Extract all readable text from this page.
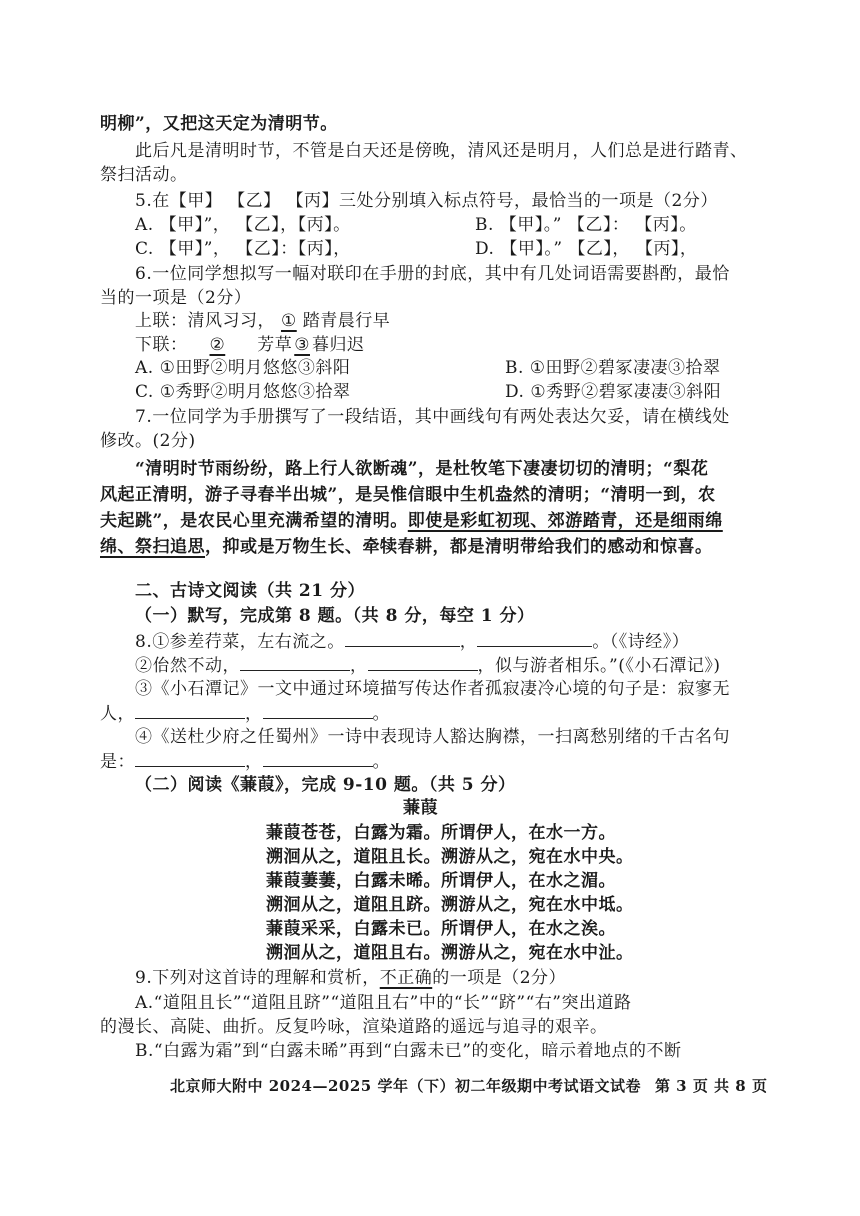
明柳”，又把这天定为清明节。
此后凡是清明时节，不管是白天还是傍晚，清风还是明月，人们总是进行踏青、
祭扫活动。
5.在【甲】 【乙】 【丙】三处分别填入标点符号，最恰当的一项是（2分）
A. 【甲】”， 【乙】，【丙】。	B. 【甲】。” 【乙】： 【丙】。
C. 【甲】”， 【乙】：【丙】，	D. 【甲】。” 【乙】， 【丙】，
6.一位同学想拟写一幅对联印在手册的封底，其中有几处词语需要斟酌，最恰
当的一项是（2分）
上联：清风习习， ① 踏青晨行早
下联： ② 芳草 ③ 暮归迟
A. ①田野②明月悠悠③斜阳	B. ①田野②碧冢凄凄③拾翠
C. ①秀野②明月悠悠③拾翠	D. ①秀野②碧冢凄凄③斜阳
7.一位同学为手册撰写了一段结语，其中画线句有两处表达欠妥，请在横线处
修改。(2分)
“清明时节雨纷纷，路上行人欲断魂”，是杜牧笔下凄凄切切的清明；“梨花
风起正清明，游子寻春半出城”，是吴惟信眼中生机盎然的清明；“清明一到，农
夫起跳”，是农民心里充满希望的清明。即使是彩虹初现、郊游踏青，还是细雨绵
绵、祭扫追思，抑或是万物生长、牵犊春耕，都是清明带给我们的感动和惊喜。
二、古诗文阅读（共 21 分）
（一）默写，完成第 8 题。（共 8 分，每空 1 分）
8.①参差荇菜，左右流之。	，	。（《诗经》）
②佁然不动，	，	，似与游者相乐。”(《小石潭记》)
③《小石潭记》一文中通过环境描写传达作者孤寂凄冷心境的句子是：寂寥无
人，	，	。
④《送杜少府之任蜀州》一诗中表现诗人豁达胸襟，一扫离愁别绪的千古名句
是：	，	。
（二）阅读《蒹葭》，完成 9-10 题。（共 5 分）
蒹葭
蒹葭苍苍，白露为霜。所谓伊人，在水一方。
溯洄从之，道阻且长。溯游从之，宛在水中央。
蒹葭萋萋，白露未晞。所谓伊人，在水之湄。
溯洄从之，道阻且跻。溯游从之，宛在水中坻。
蒹葭采采，白露未已。所谓伊人，在水之涘。
溯洄从之，道阻且右。溯游从之，宛在水中沚。
9.下列对这首诗的理解和赏析，不正确的一项是（2分）
A.“道阻且长”“道阻且跻”“道阻且右”中的“长”“跻”“右”突出道路
的漫长、高陡、曲折。反复吟咏，渲染道路的遥远与追寻的艰辛。
B.“白露为霜”到“白露未晞”再到“白露未已”的变化，暗示着地点的不断
北京师大附中 2024—2025 学年（下）初二年级期中考试语文试卷 第 3 页 共 8 页
